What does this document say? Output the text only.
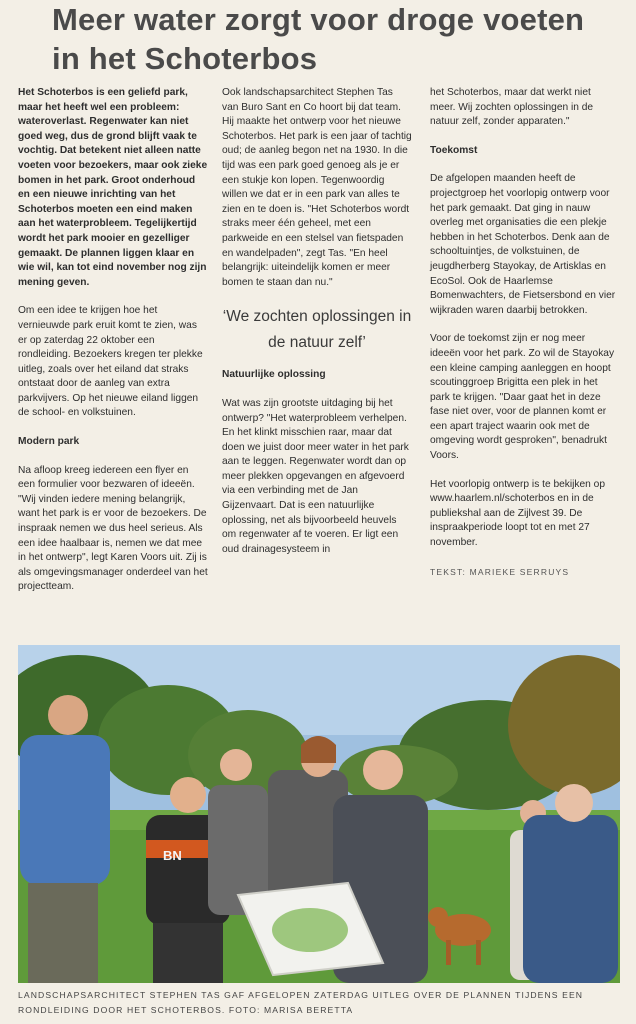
Meer water zorgt voor droge voeten in het Schoterbos

Het Schoterbos is een geliefd park, maar het heeft wel een probleem: wateroverlast. Regenwater kan niet goed weg, dus de grond blijft vaak te vochtig. Dat betekent niet alleen natte voeten voor bezoekers, maar ook zieke bomen in het park. Groot onderhoud en een nieuwe inrichting van het Schoterbos moeten een eind maken aan het waterprobleem. Tegelijkertijd wordt het park mooier en gezelliger gemaakt. De plannen liggen klaar en wie wil, kan tot eind november nog zijn mening geven.

Om een idee te krijgen hoe het vernieuwde park eruit komt te zien, was er op zaterdag 22 oktober een rondleiding. Bezoekers kregen ter plekke uitleg, zoals over het eiland dat straks ontstaat door de aanleg van extra parkvijvers. Op het nieuwe eiland liggen de school- en volkstuinen.

Modern park

Na afloop kreeg iedereen een flyer en een formulier voor bezwaren of ideeën. "Wij vinden iedere mening belangrijk, want het park is er voor de bezoekers. De inspraak nemen we dus heel serieus. Als een idee haalbaar is, nemen we dat mee in het ontwerp", legt Karen Voors uit. Zij is als omgevingsmanager onderdeel van het projectteam.

Ook landschapsarchitect Stephen Tas van Buro Sant en Co hoort bij dat team. Hij maakte het ontwerp voor het nieuwe Schoterbos. Het park is een jaar of tachtig oud; de aanleg begon net na 1930. In die tijd was een park goed genoeg als je er een stukje kon lopen. Tegenwoordig willen we dat er in een park van alles te zien en te doen is. "Het Schoterbos wordt straks meer één geheel, met een parkweide en een stelsel van fietspaden en wandelpaden", zegt Tas. "En heel belangrijk: uiteindelijk komen er meer bomen te staan dan nu."

‘We zochten oplossingen in de natuur zelf’

Natuurlijke oplossing

Wat was zijn grootste uitdaging bij het ontwerp? "Het waterprobleem verhelpen. En het klinkt misschien raar, maar dat doen we juist door meer water in het park aan te leggen. Regenwater wordt dan op meer plekken opgevangen en afgevoerd via een verbinding met de Jan Gijzenvaart. Dat is een natuurlijke oplossing, net als bijvoorbeeld heuvels om regenwater af te voeren. Er ligt een oud drainagesysteem in

het Schoterbos, maar dat werkt niet meer. Wij zochten oplossingen in de natuur zelf, zonder apparaten."

Toekomst

De afgelopen maanden heeft de projectgroep het voorlopig ontwerp voor het park gemaakt. Dat ging in nauw overleg met organisaties die een plekje hebben in het Schoterbos. Denk aan de schooltuintjes, de volkstuinen, de jeugdherberg Stayokay, de Artisklas en EcoSol. Ook de Haarlemse Bomenwachters, de Fietsersbond en vier wijkraden waren daarbij betrokken.

Voor de toekomst zijn er nog meer ideeën voor het park. Zo wil de Stayokay een kleine camping aanleggen en hoopt scoutinggroep Brigitta een plek in het park te krijgen. "Daar gaat het in deze fase niet over, voor de plannen komt er een apart traject waarin ook met de omgeving wordt gesproken", benadrukt Voors.

Het voorlopig ontwerp is te bekijken op www.haarlem.nl/schoterbos en in de publiekshal aan de Zijlvest 39. De inspraakperiode loopt tot en met 27 november.

TEKST: MARIEKE SERRUYS
BN
LANDSCHAPSARCHITECT STEPHEN TAS GAF AFGELOPEN ZATERDAG UITLEG OVER DE PLANNEN TIJDENS EEN RONDLEIDING DOOR HET SCHOTERBOS. FOTO: MARISA BERETTA
